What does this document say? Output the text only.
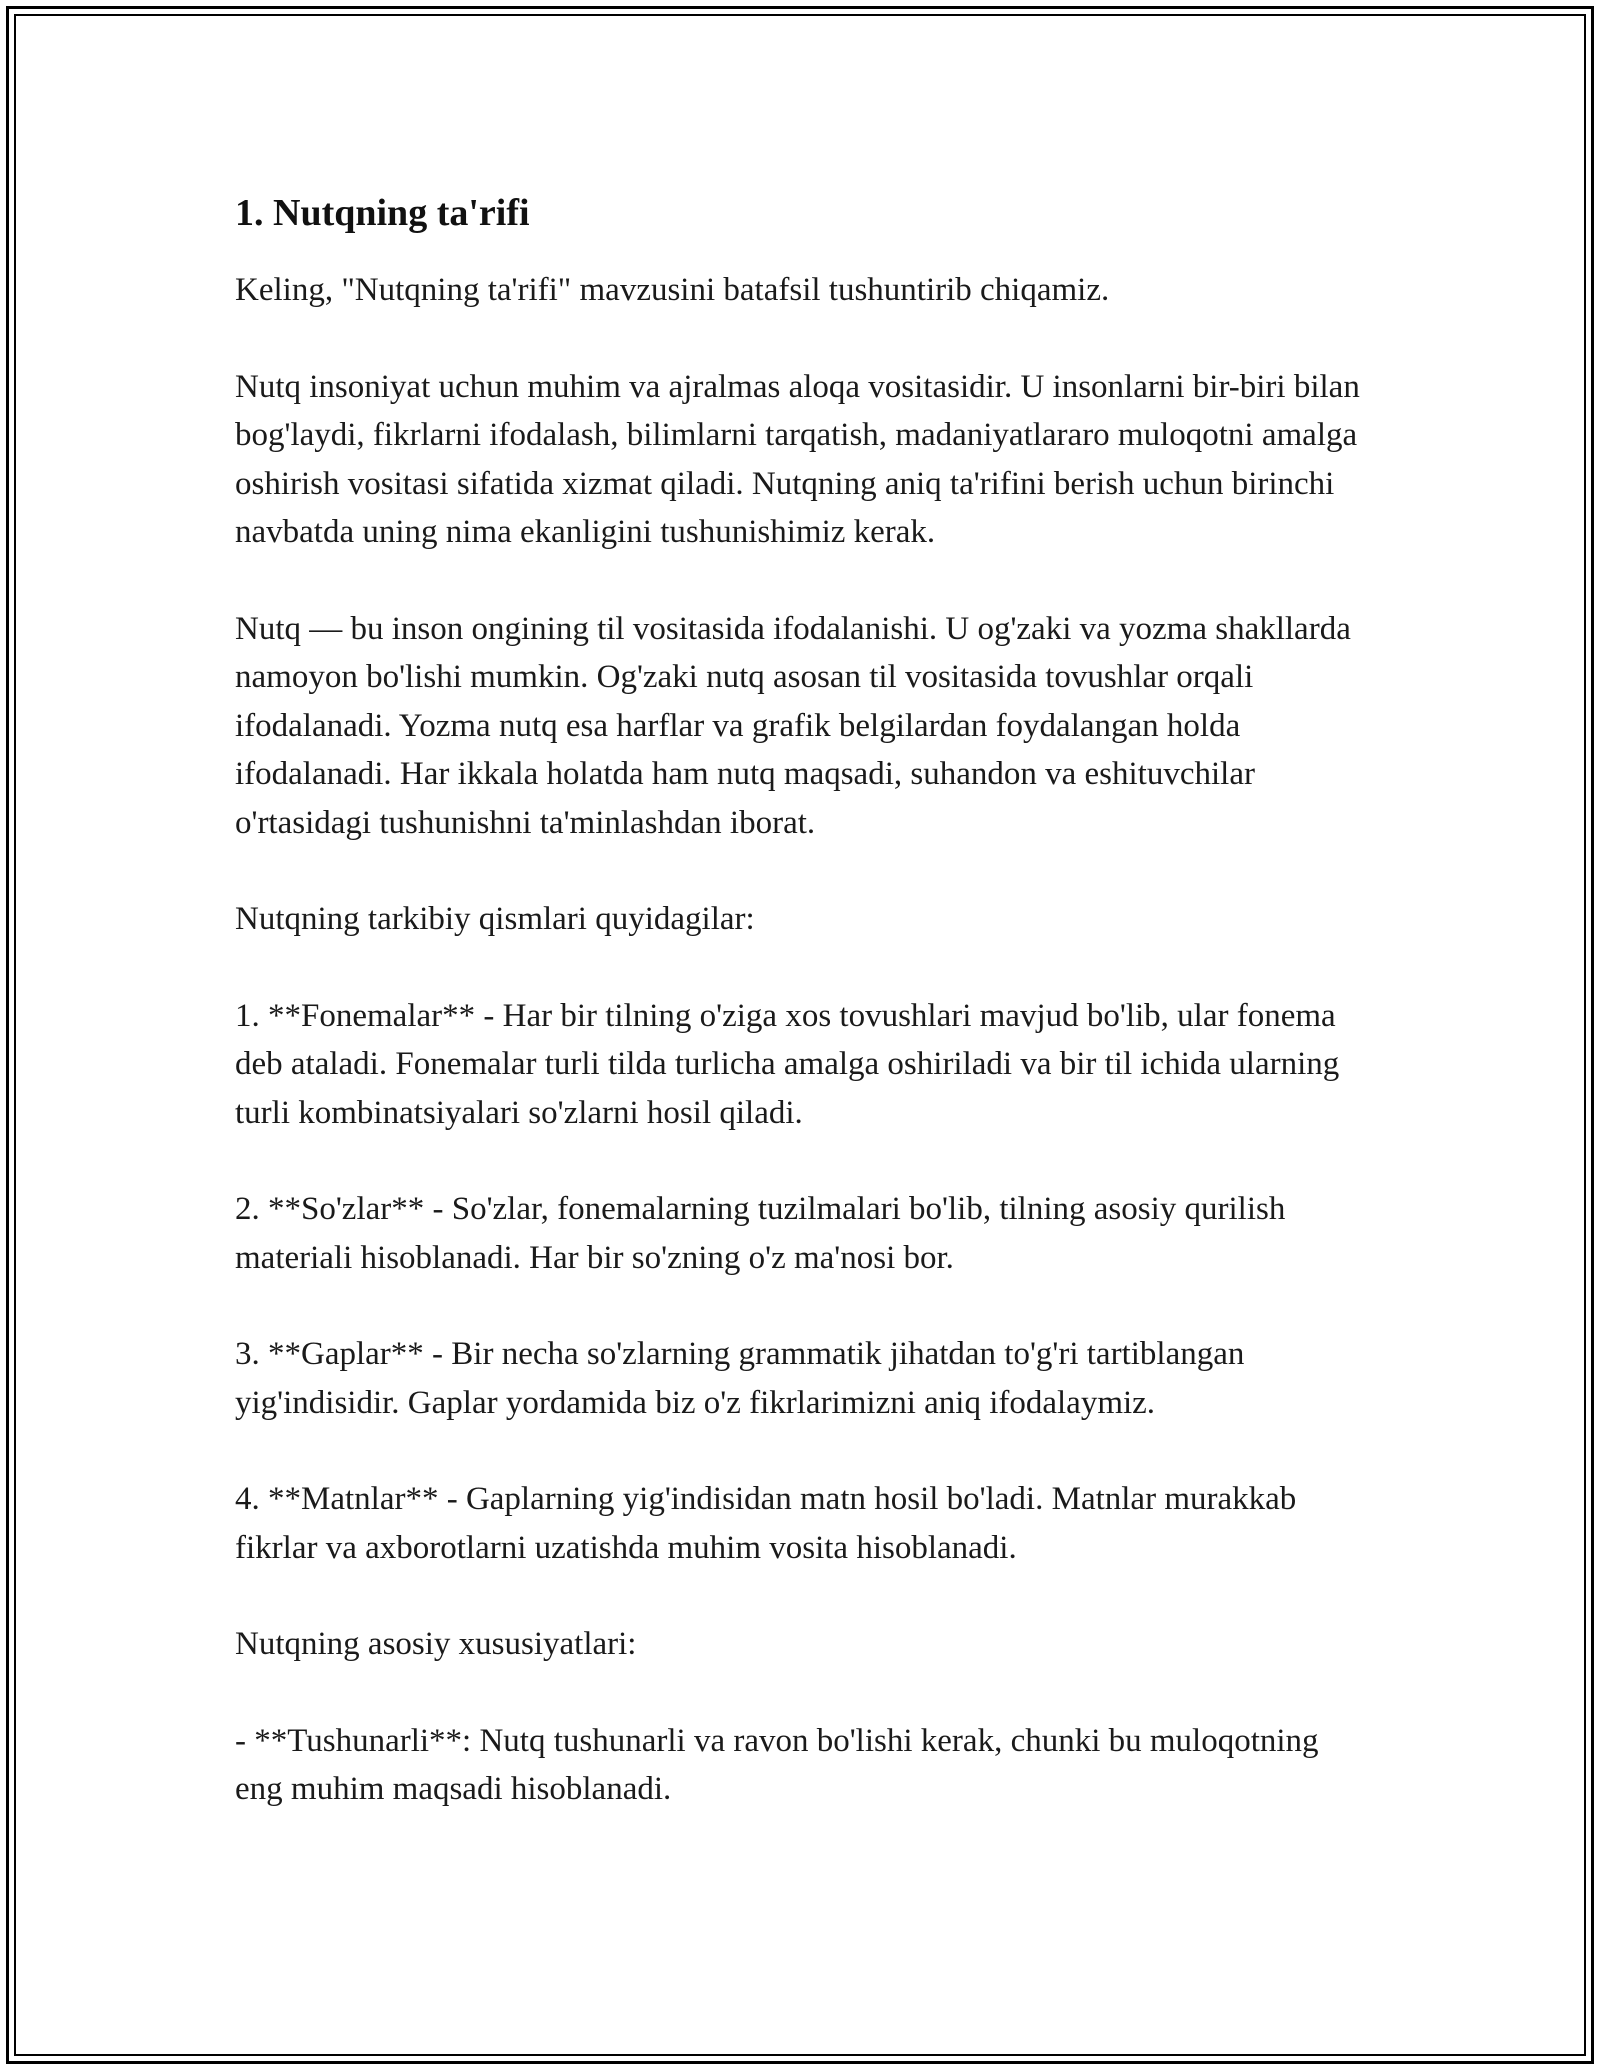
1. Nutqning ta'rifi

Keling, "Nutqning ta'rifi" mavzusini batafsil tushuntirib chiqamiz.

Nutq insoniyat uchun muhim va ajralmas aloqa vositasidir. U insonlarni bir-biri bilan bog'laydi, fikrlarni ifodalash, bilimlarni tarqatish, madaniyatlararo muloqotni amalga oshirish vositasi sifatida xizmat qiladi. Nutqning aniq ta'rifini berish uchun birinchi navbatda uning nima ekanligini tushunishimiz kerak.

Nutq — bu inson ongining til vositasida ifodalanishi. U og'zaki va yozma shakllarda namoyon bo'lishi mumkin. Og'zaki nutq asosan til vositasida tovushlar orqali ifodalanadi. Yozma nutq esa harflar va grafik belgilardan foydalangan holda ifodalanadi. Har ikkala holatda ham nutq maqsadi, suhandon va eshituvchilar o'rtasidagi tushunishni ta'minlashdan iborat.

Nutqning tarkibiy qismlari quyidagilar:

1. **Fonemalar** - Har bir tilning o'ziga xos tovushlari mavjud bo'lib, ular fonema deb ataladi. Fonemalar turli tilda turlicha amalga oshiriladi va bir til ichida ularning turli kombinatsiyalari so'zlarni hosil qiladi.

2. **So'zlar** - So'zlar, fonemalarning tuzilmalari bo'lib, tilning asosiy qurilish materiali hisoblanadi. Har bir so'zning o'z ma'nosi bor.

3. **Gaplar** - Bir necha so'zlarning grammatik jihatdan to'g'ri tartiblangan yig'indisidir. Gaplar yordamida biz o'z fikrlarimizni aniq ifodalaymiz.

4. **Matnlar** - Gaplarning yig'indisidan matn hosil bo'ladi. Matnlar murakkab fikrlar va axborotlarni uzatishda muhim vosita hisoblanadi.

Nutqning asosiy xususiyatlari:

- **Tushunarli**: Nutq tushunarli va ravon bo'lishi kerak, chunki bu muloqotning eng muhim maqsadi hisoblanadi.
